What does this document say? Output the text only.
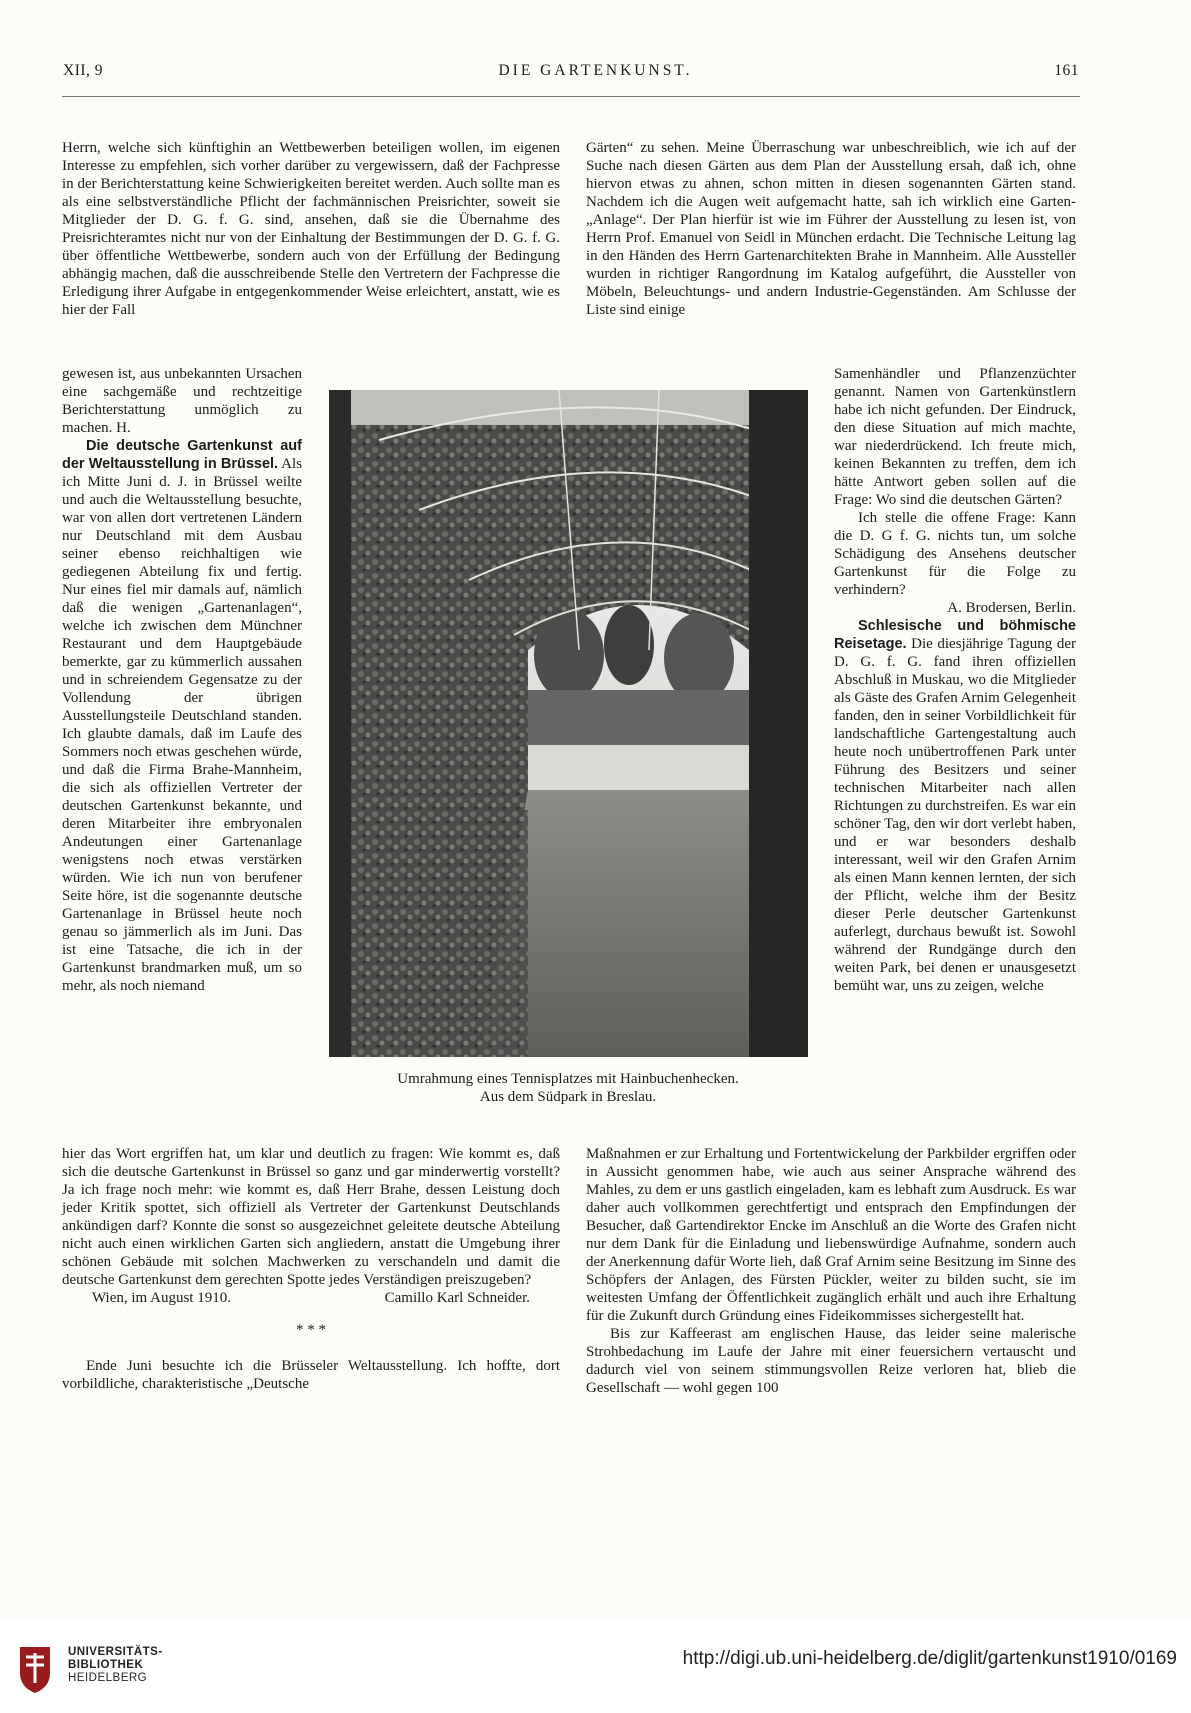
XII, 9	DIE GARTENKUNST.	161

Herrn, welche sich künftighin an Wettbewerben beteiligen wollen, im eigenen Interesse zu empfehlen, sich vorher darüber zu vergewissern, daß der Fachpresse in der Berichterstattung keine Schwierigkeiten bereitet werden. Auch sollte man es als eine selbstverständliche Pflicht der fachmännischen Preisrichter, soweit sie Mitglieder der D. G. f. G. sind, ansehen, daß sie die Übernahme des Preisrichteramtes nicht nur von der Einhaltung der Bestimmungen der D. G. f. G. über öffentliche Wettbewerbe, sondern auch von der Erfüllung der Bedingung abhängig machen, daß die ausschreibende Stelle den Vertretern der Fachpresse die Erledigung ihrer Aufgabe in entgegenkommender Weise erleichtert, anstatt, wie es hier der Fall

Gärten“ zu sehen. Meine Überraschung war unbeschreiblich, wie ich auf der Suche nach diesen Gärten aus dem Plan der Ausstellung ersah, daß ich, ohne hiervon etwas zu ahnen, schon mitten in diesen sogenannten Gärten stand. Nachdem ich die Augen weit aufgemacht hatte, sah ich wirklich eine Garten-„Anlage“. Der Plan hierfür ist wie im Führer der Ausstellung zu lesen ist, von Herrn Prof. Emanuel von Seidl in München erdacht. Die Technische Leitung lag in den Händen des Herrn Gartenarchitekten Brahe in Mannheim. Alle Aussteller wurden in richtiger Rangordnung im Katalog aufgeführt, die Aussteller von Möbeln, Beleuchtungs- und andern Industrie-Gegenständen. Am Schlusse der Liste sind einige

gewesen ist, aus unbekannten Ursachen eine sachgemäße und rechtzeitige Berichterstattung unmöglich zu machen. H.

Die deutsche Gartenkunst auf der Weltausstellung in Brüssel. Als ich Mitte Juni d. J. in Brüssel weilte und auch die Weltausstellung besuchte, war von allen dort vertretenen Ländern nur Deutschland mit dem Ausbau seiner ebenso reichhaltigen wie gediegenen Abteilung fix und fertig. Nur eines fiel mir damals auf, nämlich daß die wenigen „Gartenanlagen“, welche ich zwischen dem Münchner Restaurant und dem Hauptgebäude bemerkte, gar zu kümmerlich aussahen und in schreiendem Gegensatze zu der Vollendung der übrigen Ausstellungsteile Deutschland standen. Ich glaubte damals, daß im Laufe des Sommers noch etwas geschehen würde, und daß die Firma Brahe-Mannheim, die sich als offiziellen Vertreter der deutschen Gartenkunst bekannte, und deren Mitarbeiter ihre embryonalen Andeutungen einer Gartenanlage wenigstens noch etwas verstärken würden. Wie ich nun von berufener Seite höre, ist die sogenannte deutsche Gartenanlage in Brüssel heute noch genau so jämmerlich als im Juni. Das ist eine Tatsache, die ich in der Gartenkunst brandmarken muß, um so mehr, als noch niemand

Samenhändler und Pflanzenzüchter genannt. Namen von Gartenkünstlern habe ich nicht gefunden. Der Eindruck, den diese Situation auf mich machte, war niederdrückend. Ich freute mich, keinen Bekannten zu treffen, dem ich hätte Antwort geben sollen auf die Frage: Wo sind die deutschen Gärten?

Ich stelle die offene Frage: Kann die D. G f. G. nichts tun, um solche Schädigung des Ansehens deutscher Gartenkunst für die Folge zu verhindern?

A. Brodersen, Berlin.

Schlesische und böhmische Reisetage. Die diesjährige Tagung der D. G. f. G. fand ihren offiziellen Abschluß in Muskau, wo die Mitglieder als Gäste des Grafen Arnim Gelegenheit fanden, den in seiner Vorbildlichkeit für landschaftliche Gartengestaltung auch heute noch unübertroffenen Park unter Führung des Besitzers und seiner technischen Mitarbeiter nach allen Richtungen zu durchstreifen. Es war ein schöner Tag, den wir dort verlebt haben, und er war besonders deshalb interessant, weil wir den Grafen Arnim als einen Mann kennen lernten, der sich der Pflicht, welche ihm der Besitz dieser Perle deutscher Gartenkunst auferlegt, durchaus bewußt ist. Sowohl während der Rundgänge durch den weiten Park, bei denen er unausgesetzt bemüht war, uns zu zeigen, welche

hier das Wort ergriffen hat, um klar und deutlich zu fragen: Wie kommt es, daß sich die deutsche Gartenkunst in Brüssel so ganz und gar minderwertig vorstellt? Ja ich frage noch mehr: wie kommt es, daß Herr Brahe, dessen Leistung doch jeder Kritik spottet, sich offiziell als Vertreter der Gartenkunst Deutschlands ankündigen darf? Konnte die sonst so ausgezeichnet geleitete deutsche Abteilung nicht auch einen wirklichen Garten sich angliedern, anstatt die Umgebung ihrer schönen Gebäude mit solchen Machwerken zu verschandeln und damit die deutsche Gartenkunst dem gerechten Spotte jedes Verständigen preiszugeben?

Wien, im August 1910.	Camillo Karl Schneider.

* * *

Ende Juni besuchte ich die Brüsseler Weltausstellung. Ich hoffte, dort vorbildliche, charakteristische „Deutsche

Maßnahmen er zur Erhaltung und Fortentwickelung der Parkbilder ergriffen oder in Aussicht genommen habe, wie auch aus seiner Ansprache während des Mahles, zu dem er uns gastlich eingeladen, kam es lebhaft zum Ausdruck. Es war daher auch vollkommen gerechtfertigt und entsprach den Empfindungen der Besucher, daß Gartendirektor Encke im Anschluß an die Worte des Grafen nicht nur dem Dank für die Einladung und liebenswürdige Aufnahme, sondern auch der Anerkennung dafür Worte lieh, daß Graf Arnim seine Besitzung im Sinne des Schöpfers der Anlagen, des Fürsten Pückler, weiter zu bilden sucht, sie im weitesten Umfang der Öffentlichkeit zugänglich erhält und auch ihre Erhaltung für die Zukunft durch Gründung eines Fideikommisses sichergestellt hat.

Bis zur Kaffeerast am englischen Hause, das leider seine malerische Strohbedachung im Laufe der Jahre mit einer feuersichern vertauscht und dadurch viel von seinem stimmungsvollen Reize verloren hat, blieb die Gesellschaft — wohl gegen 100

Umrahmung eines Tennisplatzes mit Hainbuchenhecken.
Aus dem Südpark in Breslau.
UNIVERSITÄTS-
BIBLIOTHEK
HEIDELBERG
http://digi.ub.uni-heidelberg.de/diglit/gartenkunst1910/0169
